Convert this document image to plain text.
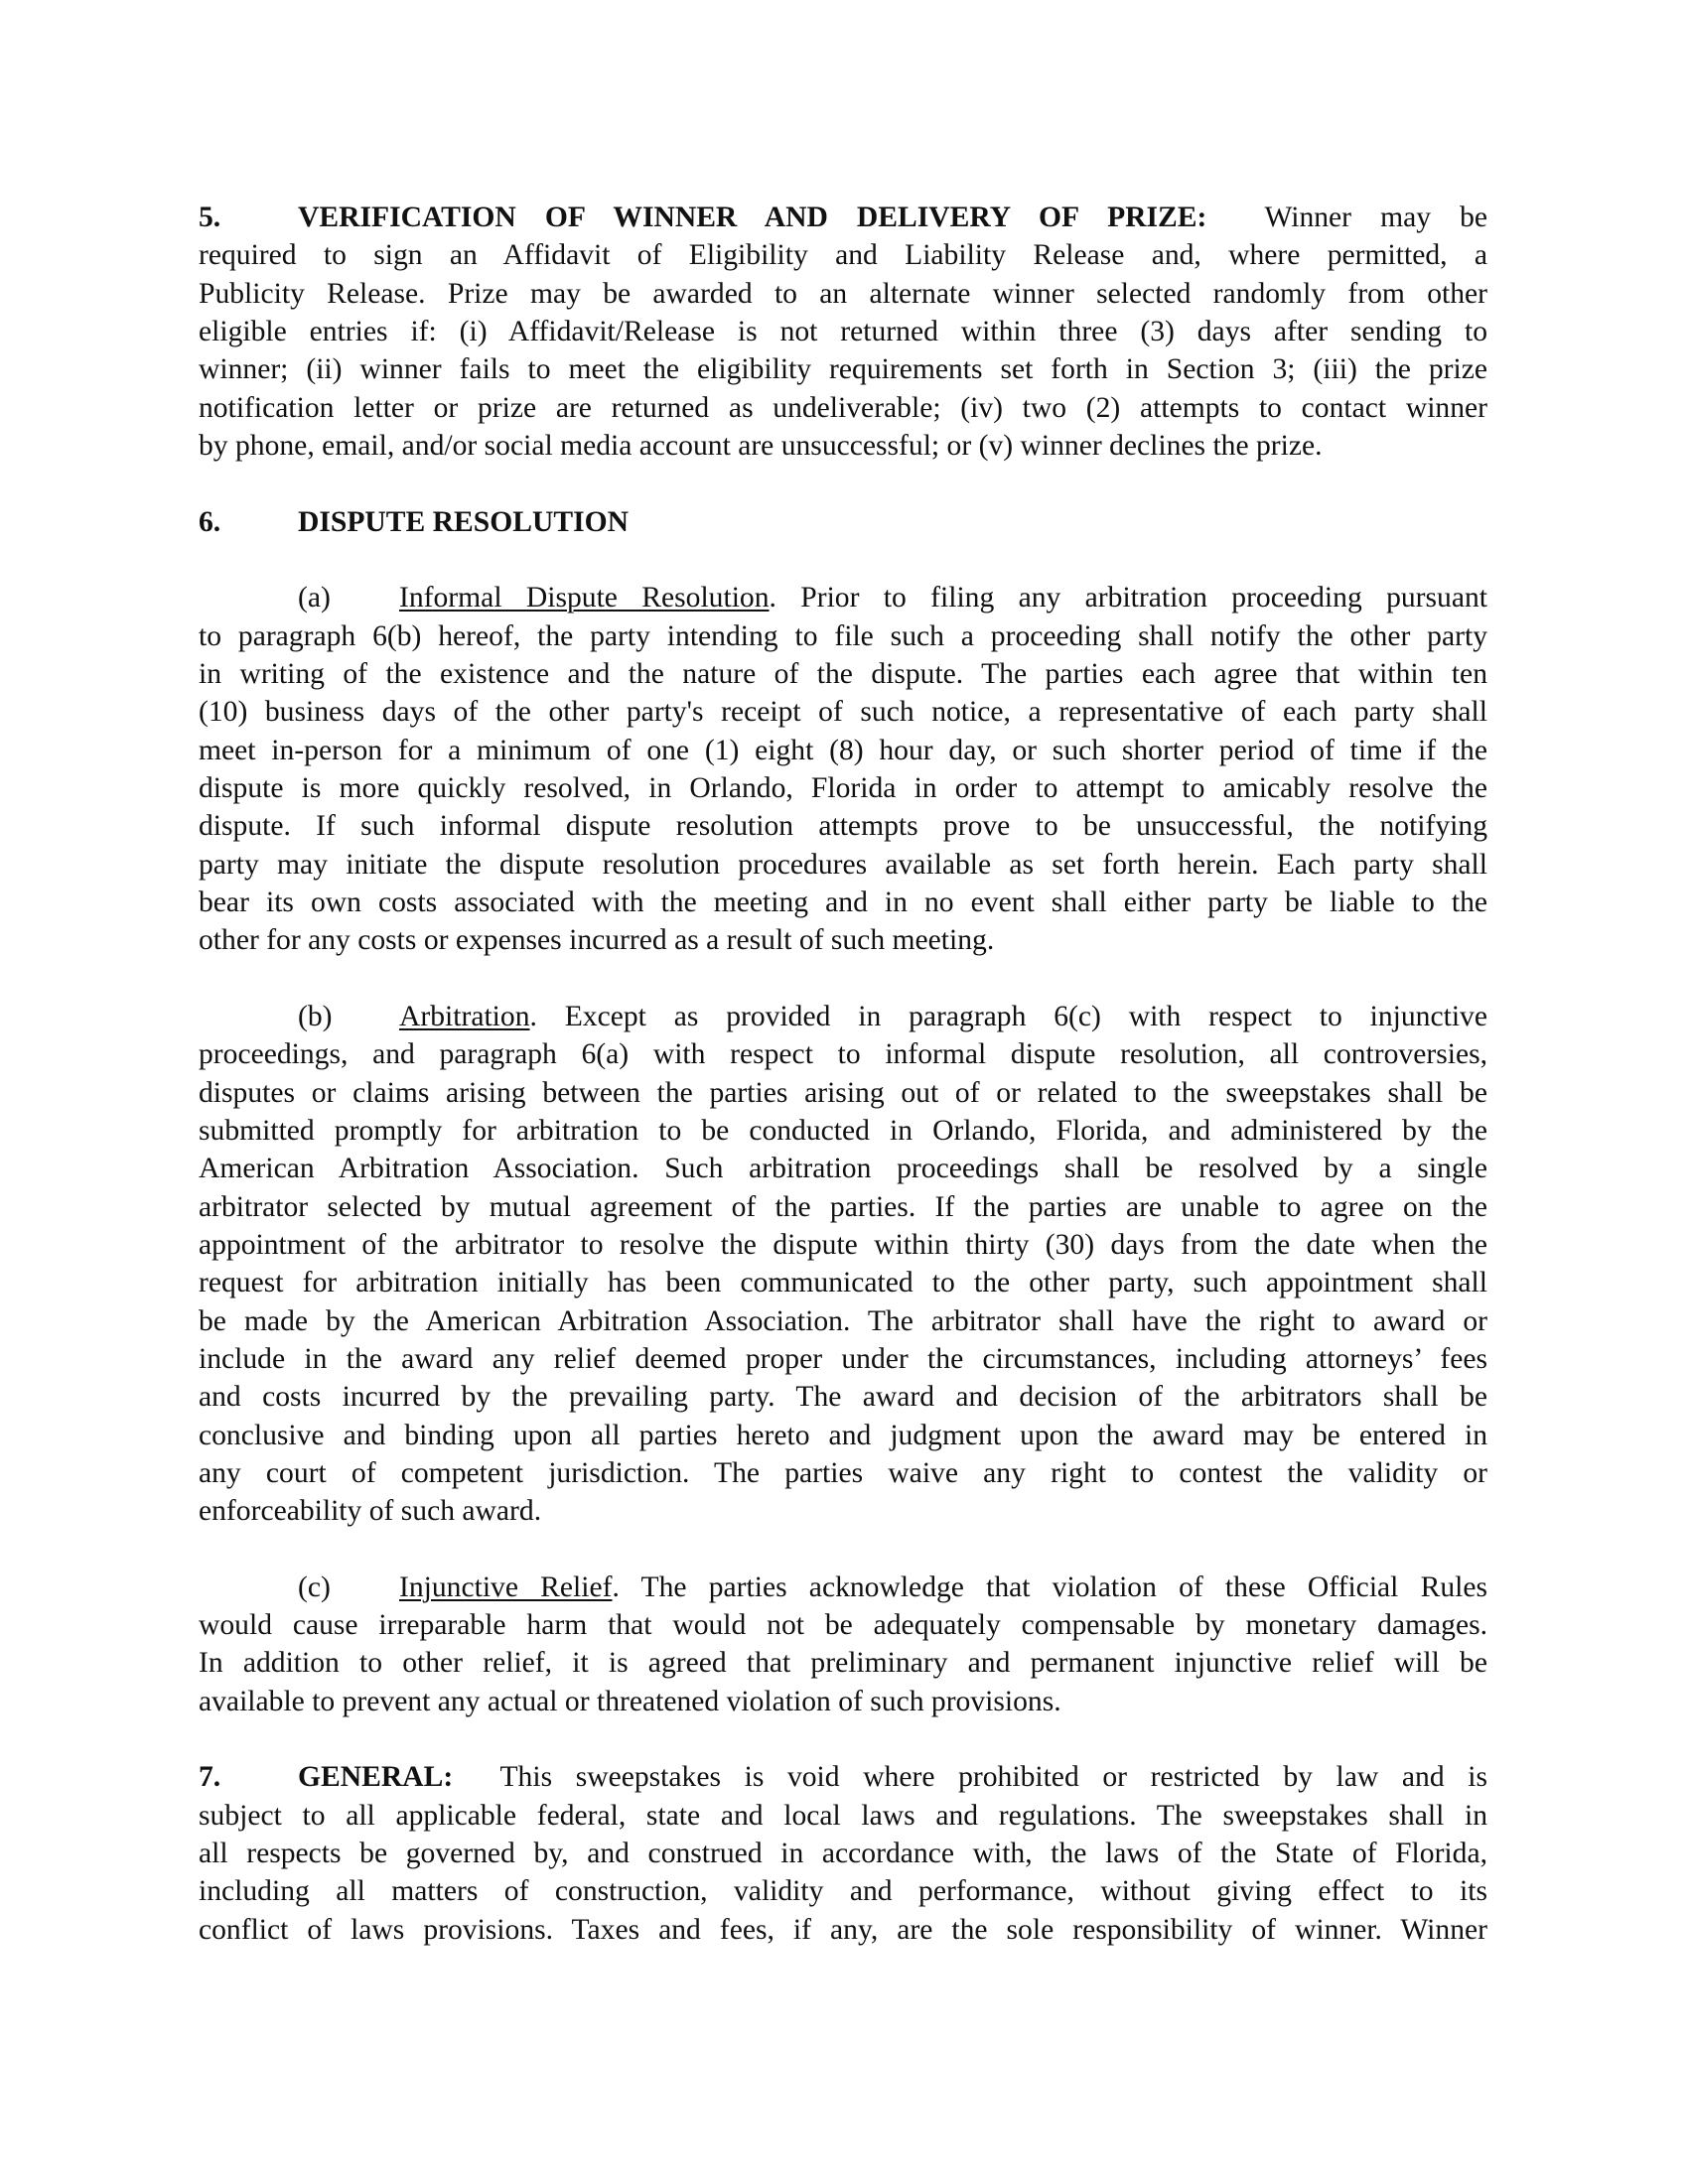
5.	VERIFICATION OF WINNER AND DELIVERY OF PRIZE: Winner may be
required to sign an Affidavit of Eligibility and Liability Release and, where permitted, a
Publicity Release. Prize may be awarded to an alternate winner selected randomly from other
eligible entries if: (i) Affidavit/Release is not returned within three (3) days after sending to
winner; (ii) winner fails to meet the eligibility requirements set forth in Section 3; (iii) the prize
notification letter or prize are returned as undeliverable; (iv) two (2) attempts to contact winner
by phone, email, and/or social media account are unsuccessful; or (v) winner declines the prize.
6.	DISPUTE RESOLUTION
(a) Informal Dispute Resolution. Prior to filing any arbitration proceeding pursuant
to paragraph 6(b) hereof, the party intending to file such a proceeding shall notify the other party
in writing of the existence and the nature of the dispute. The parties each agree that within ten
(10) business days of the other party's receipt of such notice, a representative of each party shall
meet in-person for a minimum of one (1) eight (8) hour day, or such shorter period of time if the
dispute is more quickly resolved, in Orlando, Florida in order to attempt to amicably resolve the
dispute. If such informal dispute resolution attempts prove to be unsuccessful, the notifying
party may initiate the dispute resolution procedures available as set forth herein. Each party shall
bear its own costs associated with the meeting and in no event shall either party be liable to the
other for any costs or expenses incurred as a result of such meeting.
(b) Arbitration. Except as provided in paragraph 6(c) with respect to injunctive
proceedings, and paragraph 6(a) with respect to informal dispute resolution, all controversies,
disputes or claims arising between the parties arising out of or related to the sweepstakes shall be
submitted promptly for arbitration to be conducted in Orlando, Florida, and administered by the
American Arbitration Association. Such arbitration proceedings shall be resolved by a single
arbitrator selected by mutual agreement of the parties. If the parties are unable to agree on the
appointment of the arbitrator to resolve the dispute within thirty (30) days from the date when the
request for arbitration initially has been communicated to the other party, such appointment shall
be made by the American Arbitration Association. The arbitrator shall have the right to award or
include in the award any relief deemed proper under the circumstances, including attorneys’ fees
and costs incurred by the prevailing party. The award and decision of the arbitrators shall be
conclusive and binding upon all parties hereto and judgment upon the award may be entered in
any court of competent jurisdiction. The parties waive any right to contest the validity or
enforceability of such award.
(c) Injunctive Relief. The parties acknowledge that violation of these Official Rules
would cause irreparable harm that would not be adequately compensable by monetary damages.
In addition to other relief, it is agreed that preliminary and permanent injunctive relief will be
available to prevent any actual or threatened violation of such provisions.
7.	GENERAL: This sweepstakes is void where prohibited or restricted by law and is
subject to all applicable federal, state and local laws and regulations. The sweepstakes shall in
all respects be governed by, and construed in accordance with, the laws of the State of Florida,
including all matters of construction, validity and performance, without giving effect to its
conflict of laws provisions. Taxes and fees, if any, are the sole responsibility of winner. Winner
